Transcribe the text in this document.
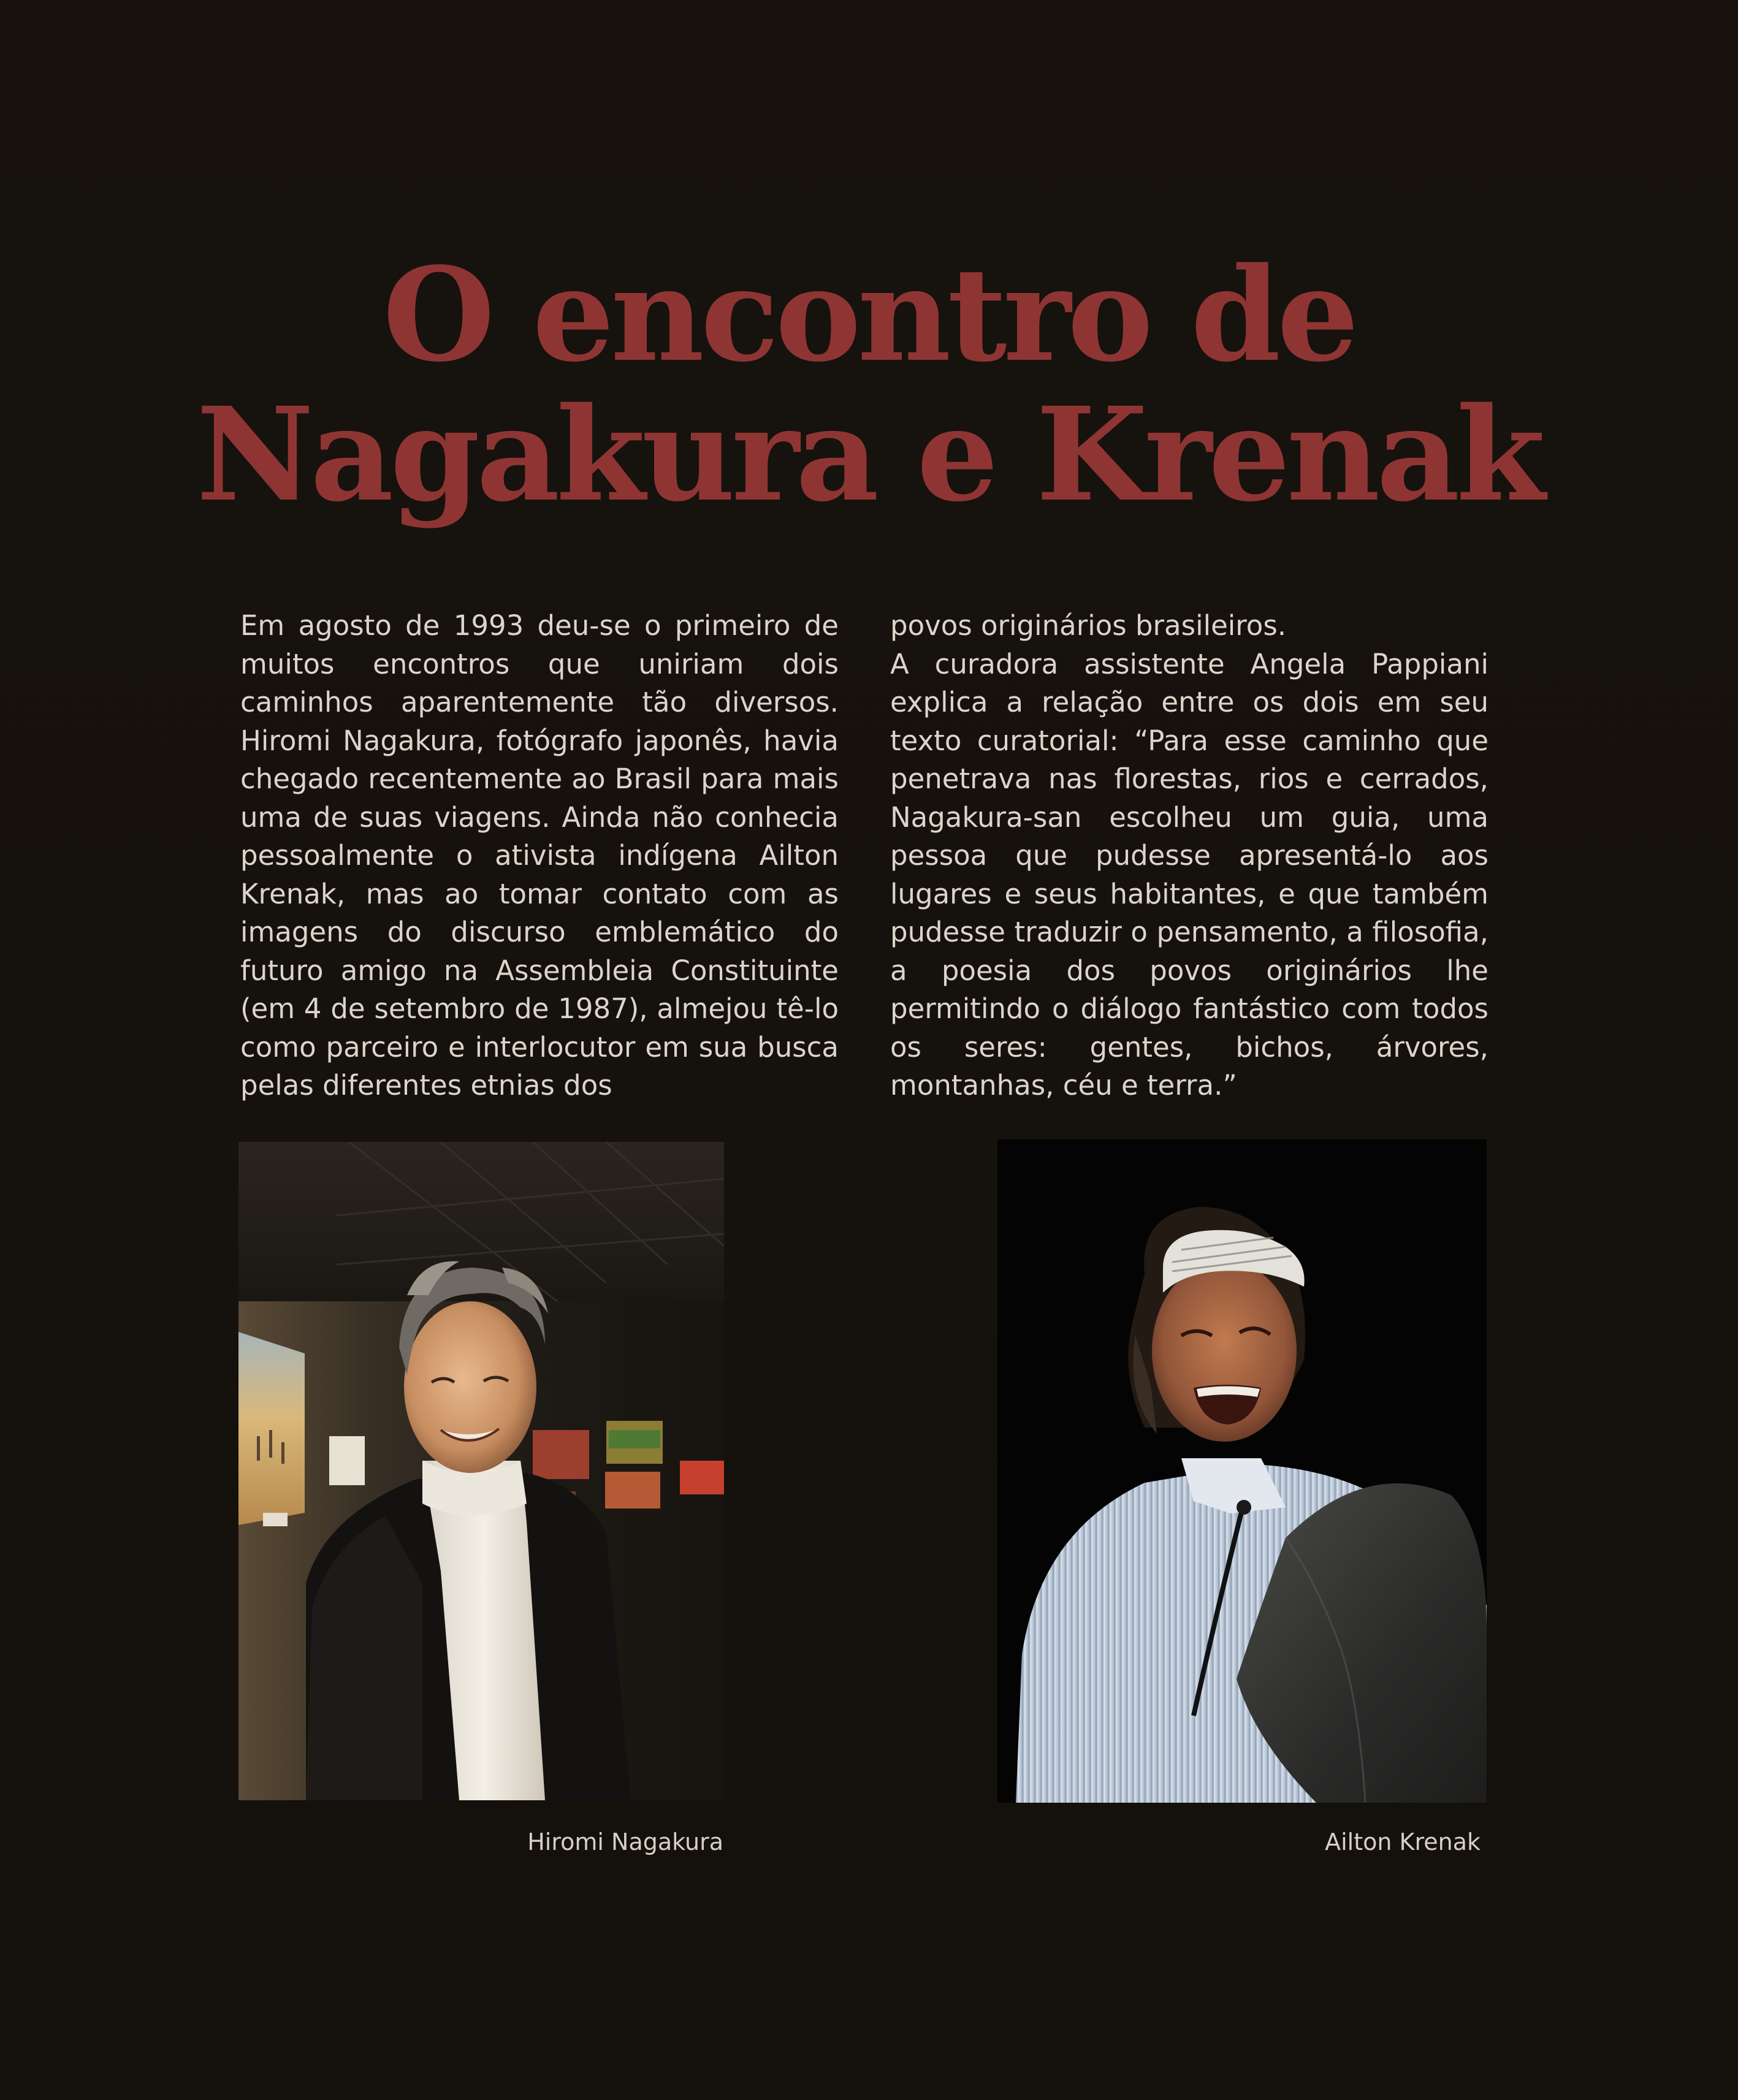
O encontro de
Nagakura e Krenak

Em agosto de 1993 deu-se o primeiro de muitos encontros que uniriam dois caminhos aparentemente tão diversos. Hiromi Nagakura, fotógrafo japonês, havia chegado recentemente ao Brasil para mais uma de suas viagens. Ainda não conhecia pessoalmente o ativista indígena Ailton Krenak, mas ao tomar contato com as imagens do discurso emblemático do futuro amigo na Assembleia Constituinte (em 4 de setembro de 1987), almejou tê-lo como parceiro e interlocutor em sua busca pelas diferentes etnias dos

povos originários brasileiros.

A curadora assistente Angela Pappiani explica a relação entre os dois em seu texto curatorial: “Para esse caminho que penetrava nas florestas, rios e cerrados, Nagakura-san escolheu um guia, uma pessoa que pudesse apresentá-lo aos lugares e seus habitantes, e que também pudesse traduzir o pensamento, a filosofia, a poesia dos povos originários lhe permitindo o diálogo fantástico com todos os seres: gentes, bichos, árvores, montanhas, céu e terra.”

Hiromi Nagakura	Ailton Krenak
